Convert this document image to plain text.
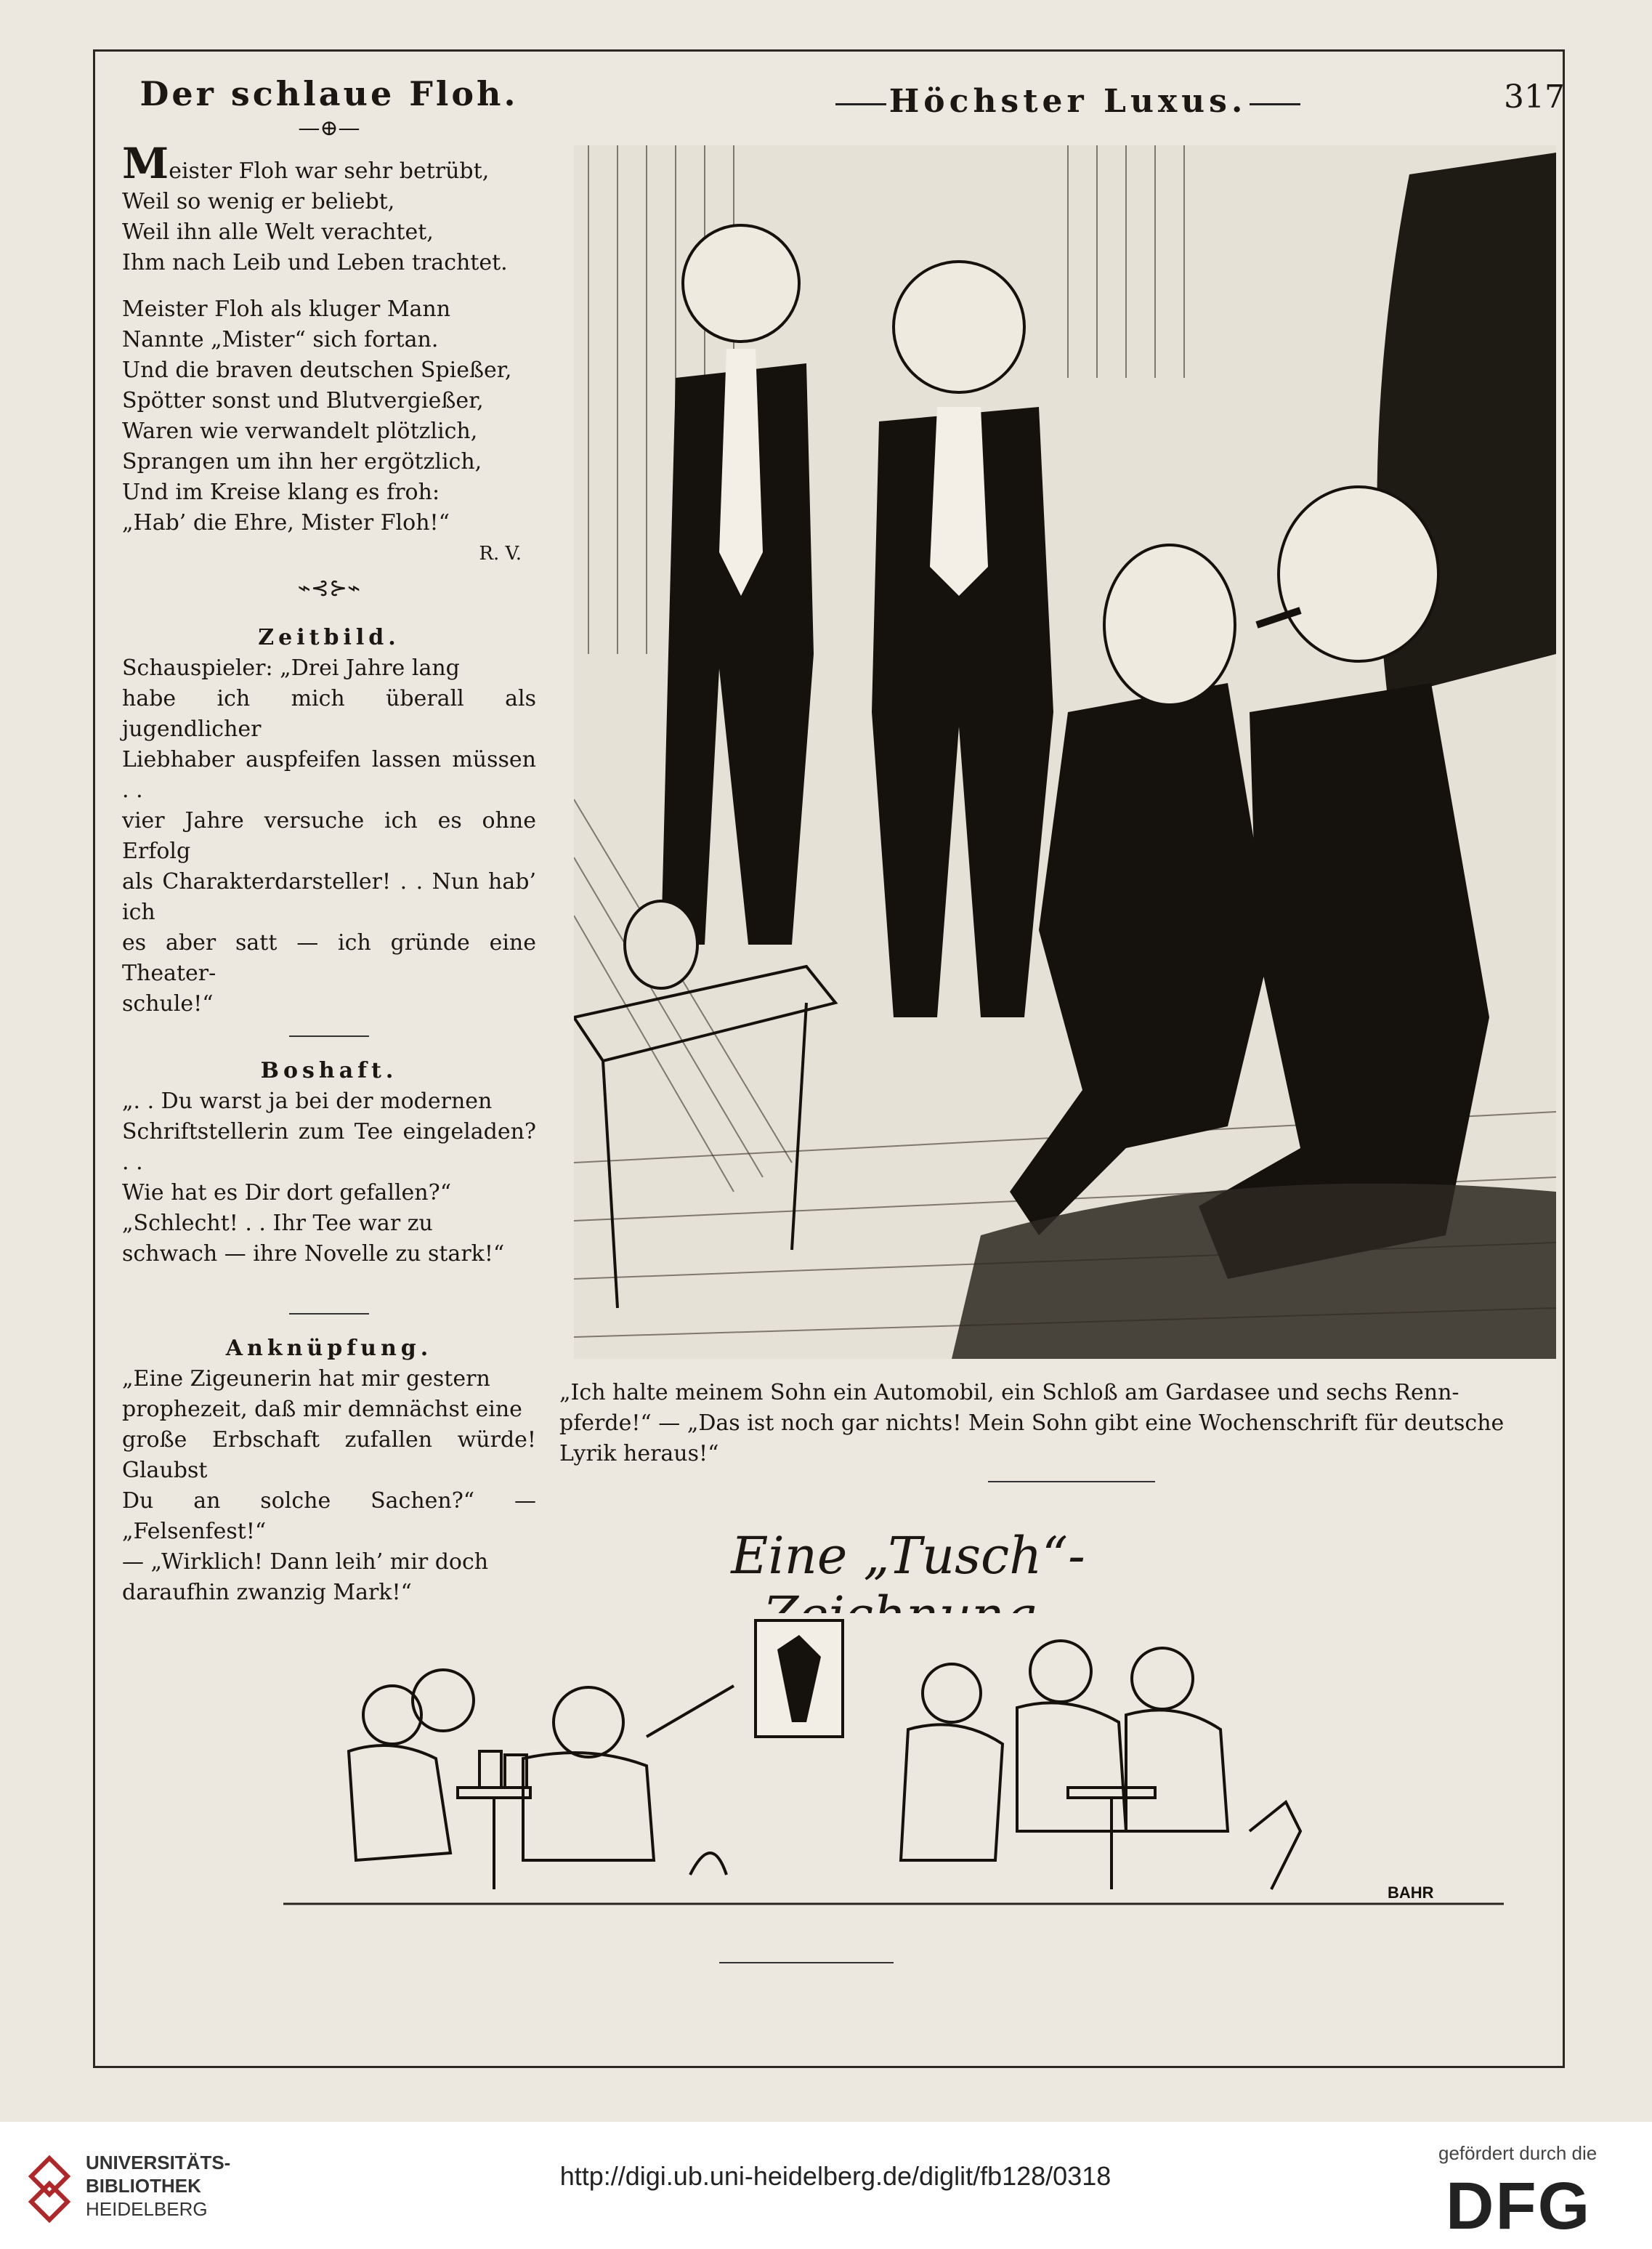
317
Höchster Luxus.
Der schlaue Floh.
—⊕—
Meister Floh war sehr betrübt,
Weil so wenig er beliebt,
Weil ihn alle Welt verachtet,
Ihm nach Leib und Leben trachtet.
Meister Floh als kluger Mann
Nannte „Mister“ sich fortan.
Und die braven deutschen Spießer,
Spötter sonst und Blutvergießer,
Waren wie verwandelt plötzlich,
Sprangen um ihn her ergötzlich,
Und im Kreise klang es froh:
„Hab’ die Ehre, Mister Floh!“
R. V.
⌁⊰⊱⌁
Zeitbild.
Schauspieler: „Drei Jahre lang
habe ich mich überall als jugendlicher
Liebhaber auspfeifen lassen müssen . .
vier Jahre versuche ich es ohne Erfolg
als Charakterdarsteller! . . Nun hab’ ich
es aber satt — ich gründe eine Theater-
schule!“
Boshaft.
„. . Du warst ja bei der modernen
Schriftstellerin zum Tee eingeladen? . .
Wie hat es Dir dort gefallen?“
„Schlecht! . . Ihr Tee war zu
schwach — ihre Novelle zu stark!“
Anknüpfung.
„Eine Zigeunerin hat mir gestern
prophezeit, daß mir demnächst eine
große Erbschaft zufallen würde! Glaubst
Du an solche Sachen?“ — „Felsenfest!“
— „Wirklich! Dann leih’ mir doch
daraufhin zwanzig Mark!“
„Ich halte meinem Sohn ein Automobil, ein Schloß am Gardasee und sechs Renn-
pferde!“ — „Das ist noch gar nichts! Mein Sohn gibt eine Wochenschrift für deutsche
Lyrik heraus!“
Eine „Tusch“-
BAHR
UNIVERSITÄTS-
BIBLIOTHEK
HEIDELBERG
http://digi.ub.uni-heidelberg.de/diglit/fb128/0318
gefördert durch die
DFG
